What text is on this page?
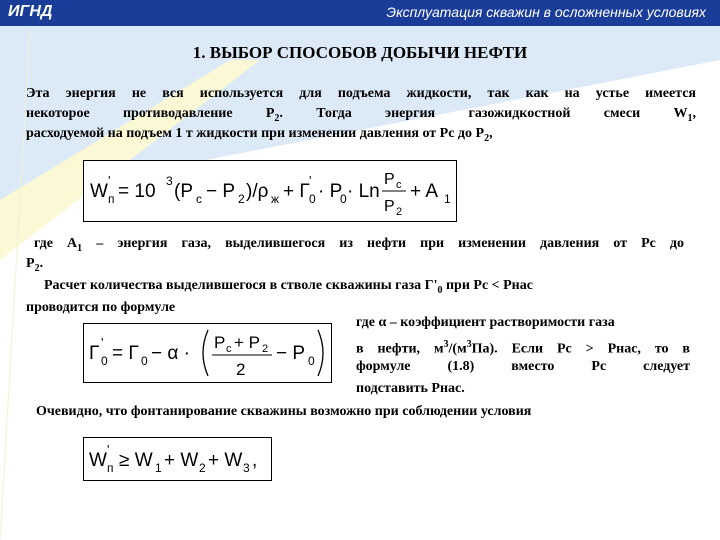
ИГНД	Эксплуатация скважин в осложненных условиях
1. ВЫБОР СПОСОБОВ ДОБЫЧИ НЕФТИ
Эта энергия не вся используется для подъема жидкости, так как на устье имеется
некоторое противодавление $Р_2$. Тогда энергия газожидкостной смеси $W_1$,
расходуемой на подъем 1 т жидкости при изменении давления от Рс до $Р_2$,
W
'
п = 10 3 (P c − P 2 )/ρ ж + Γ
'
0 · P
0 · Ln
P c
P 2
+ A 1
где $А_1$ – энергия газа, выделившегося из нефти при изменении давления от Рс до
$Р_2$.
Расчет количества выделившегося в стволе скважины газа $Г'_0$ при Рс < Рнас
проводится по формуле
Γ
'
0 = Γ 0 − α ·
P c + P 2
2
− P 0
где α – коэффициент растворимости газа
в нефти, $м^3/(м^3Па)$. Если Рс > Рнас, то в
формуле (1.8) вместо Рс следует
подставить Рнас.
Очевидно, что фонтанирование скважины возможно при соблюдении условия
W
'
п ≥ W 1 + W 2 + W 3 ,
